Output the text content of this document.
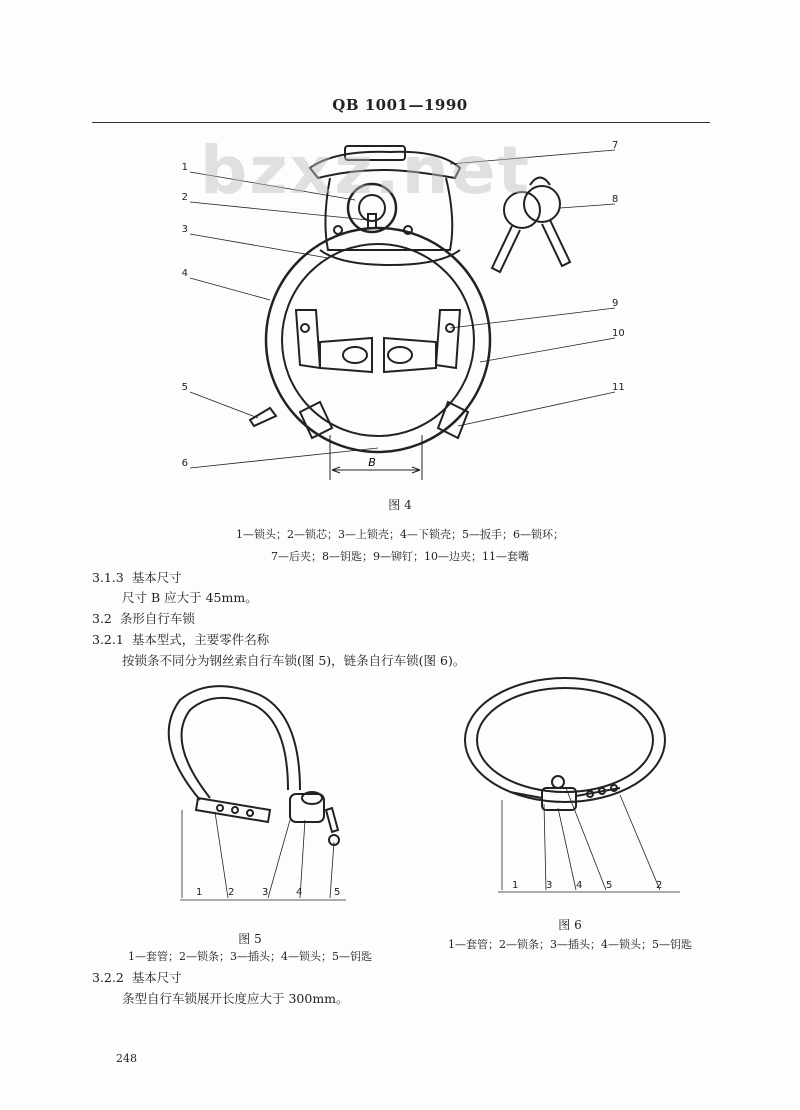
QB 1001—1990
B
1
2
3
4
5
6
7
8
9
10
11
bzxz.net
图 4
1—锁头；2—锁芯；3—上锁壳；4—下锁壳；5—扳手；6—锁环；
7—后夹；8—钥匙；9—铆钉；10—边夹；11—套嘴
3.1.3 基本尺寸
尺寸 B 应大于 45mm。
3.2 条形自行车锁
3.2.1 基本型式，主要零件名称
按锁条不同分为钢丝索自行车锁(图 5)，链条自行车锁(图 6)。
1	2	3	4	5
1	3 4 5	2
图 5
1—套管；2—锁条；3—插头；4—锁头；5—钥匙
图 6
1—套管；2—锁条；3—插头；4—锁头；5—钥匙
3.2.2 基本尺寸
条型自行车锁展开长度应大于 300mm。
248
